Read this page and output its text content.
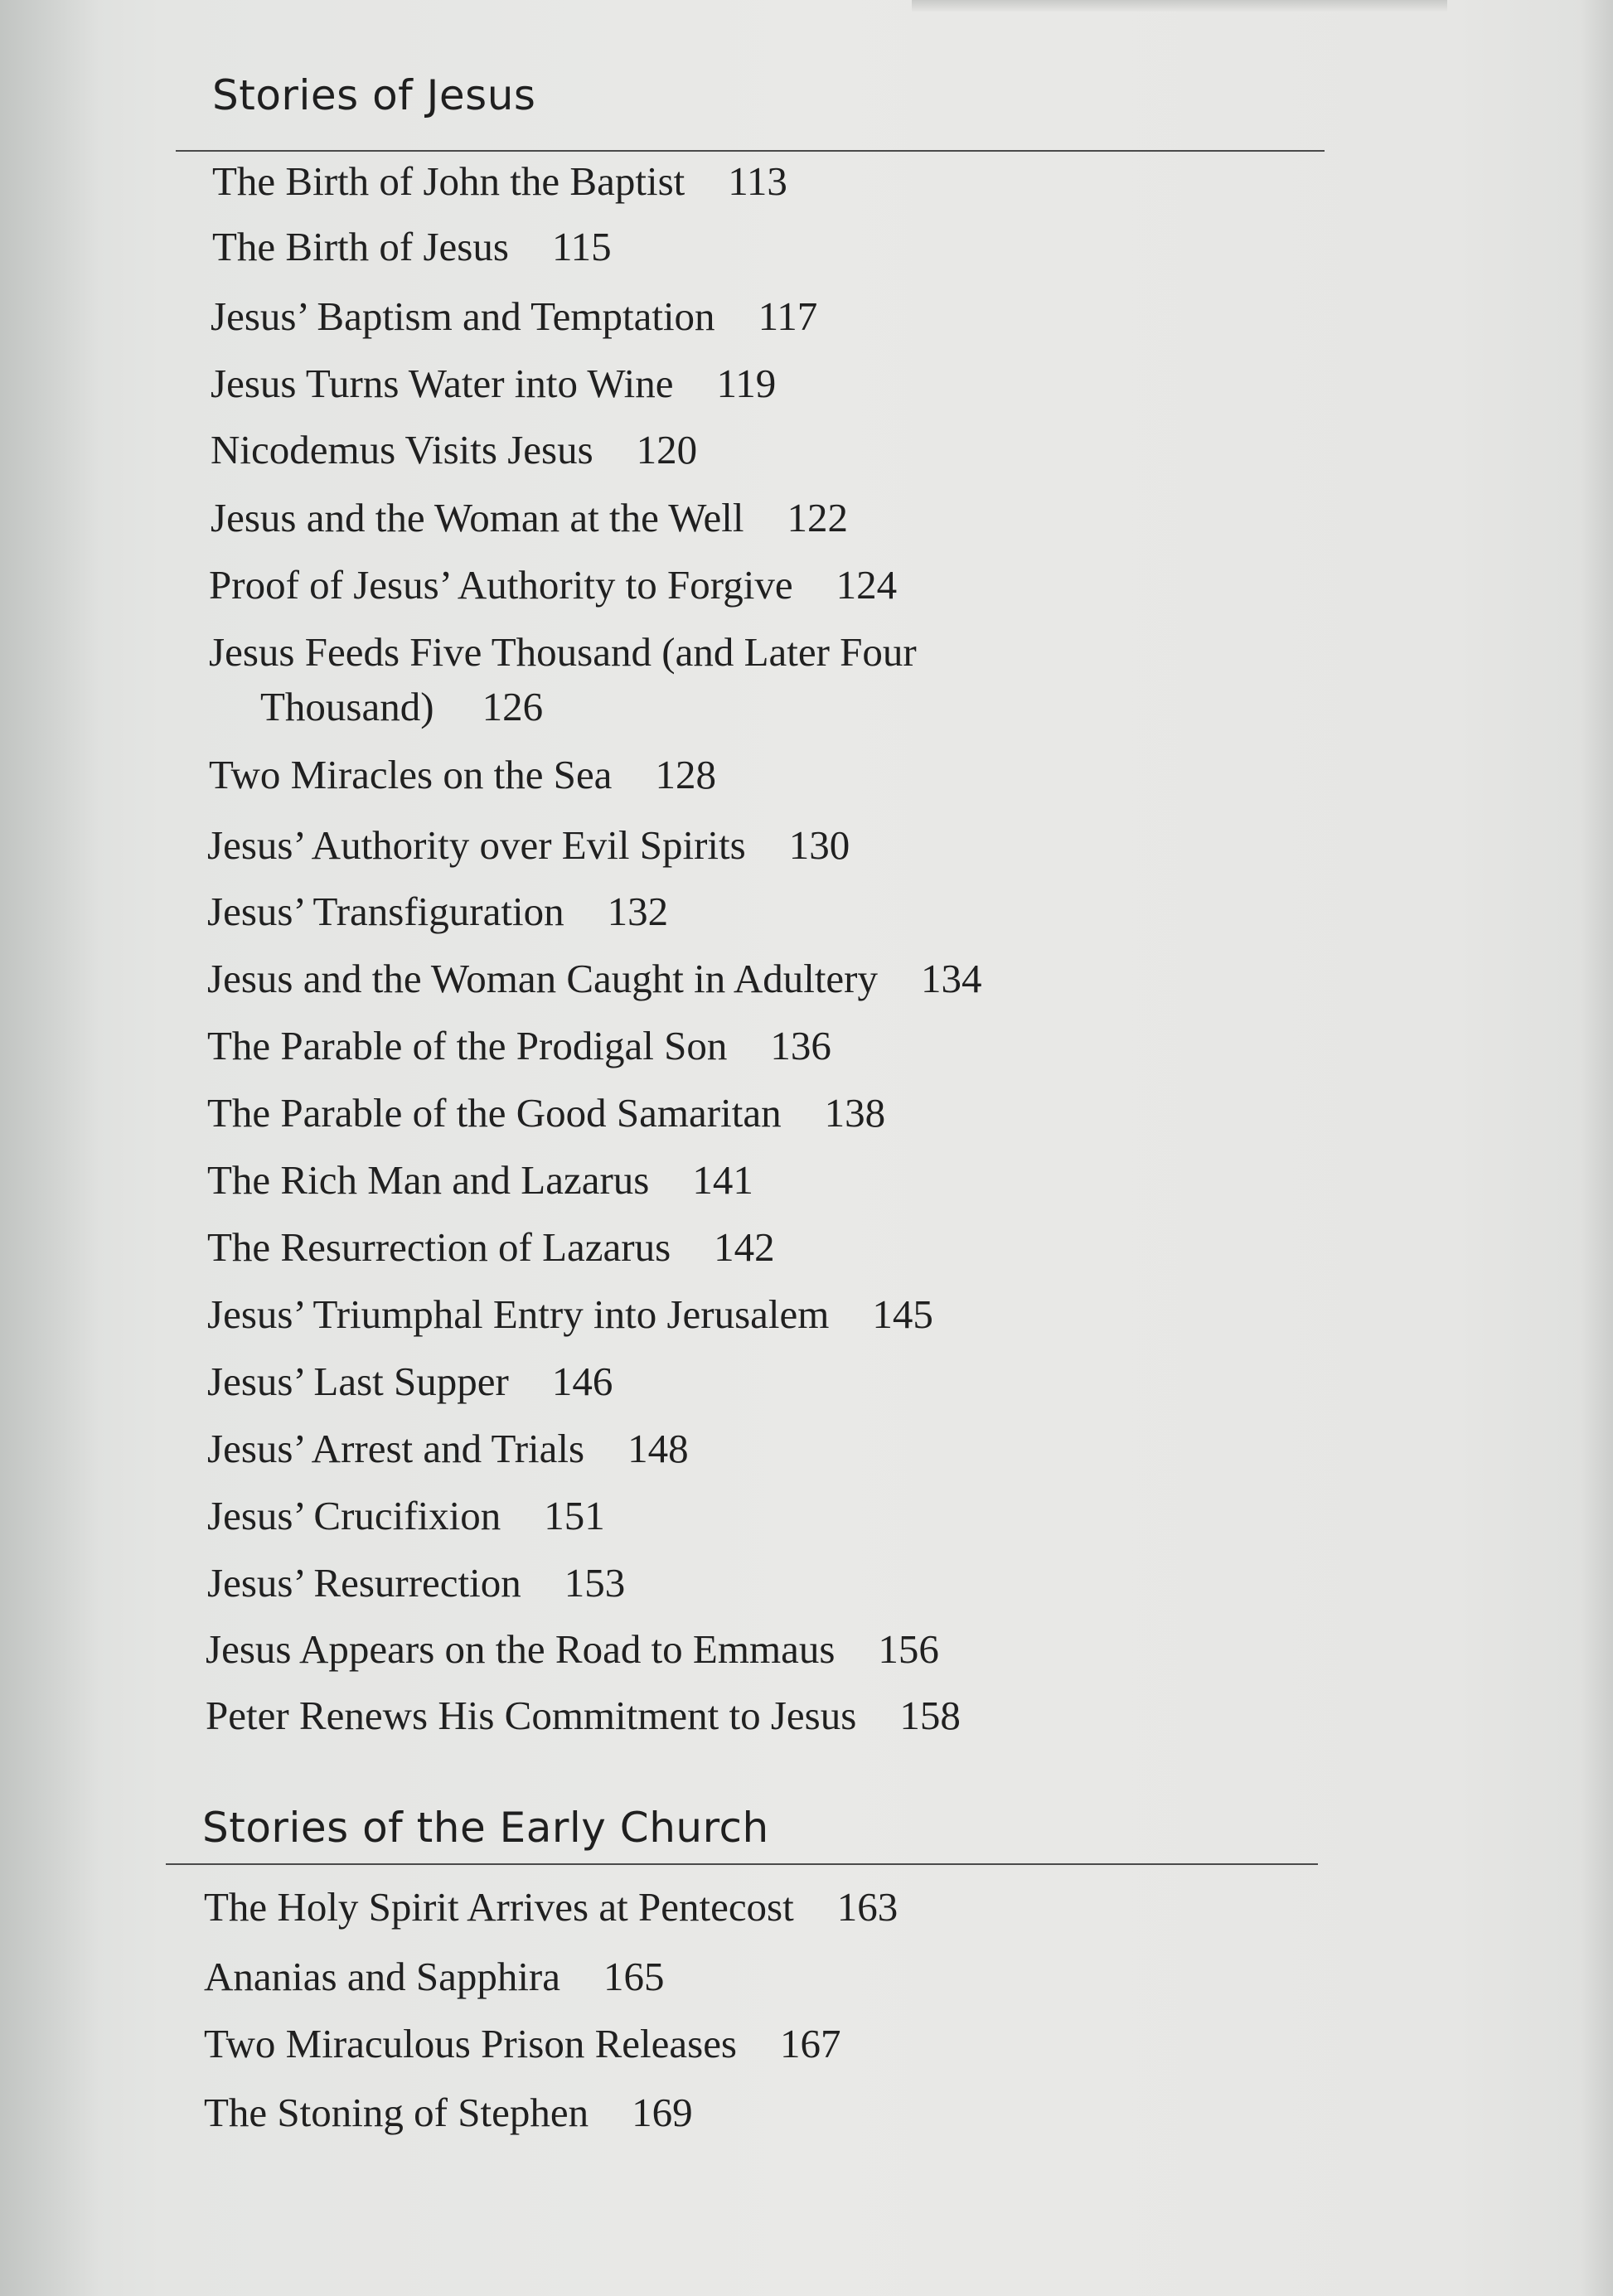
Stories of Jesus
The Birth of John the Baptist 113
The Birth of Jesus 115
Jesus’ Baptism and Temptation 117
Jesus Turns Water into Wine 119
Nicodemus Visits Jesus 120
Jesus and the Woman at the Well 122
Proof of Jesus’ Authority to Forgive 124
Jesus Feeds Five Thousand (and Later Four
Thousand) 126
Two Miracles on the Sea 128
Jesus’ Authority over Evil Spirits 130
Jesus’ Transfiguration 132
Jesus and the Woman Caught in Adultery 134
The Parable of the Prodigal Son 136
The Parable of the Good Samaritan 138
The Rich Man and Lazarus 141
The Resurrection of Lazarus 142
Jesus’ Triumphal Entry into Jerusalem 145
Jesus’ Last Supper 146
Jesus’ Arrest and Trials 148
Jesus’ Crucifixion 151
Jesus’ Resurrection 153
Jesus Appears on the Road to Emmaus 156
Peter Renews His Commitment to Jesus 158
Stories of the Early Church
The Holy Spirit Arrives at Pentecost 163
Ananias and Sapphira 165
Two Miraculous Prison Releases 167
The Stoning of Stephen 169
